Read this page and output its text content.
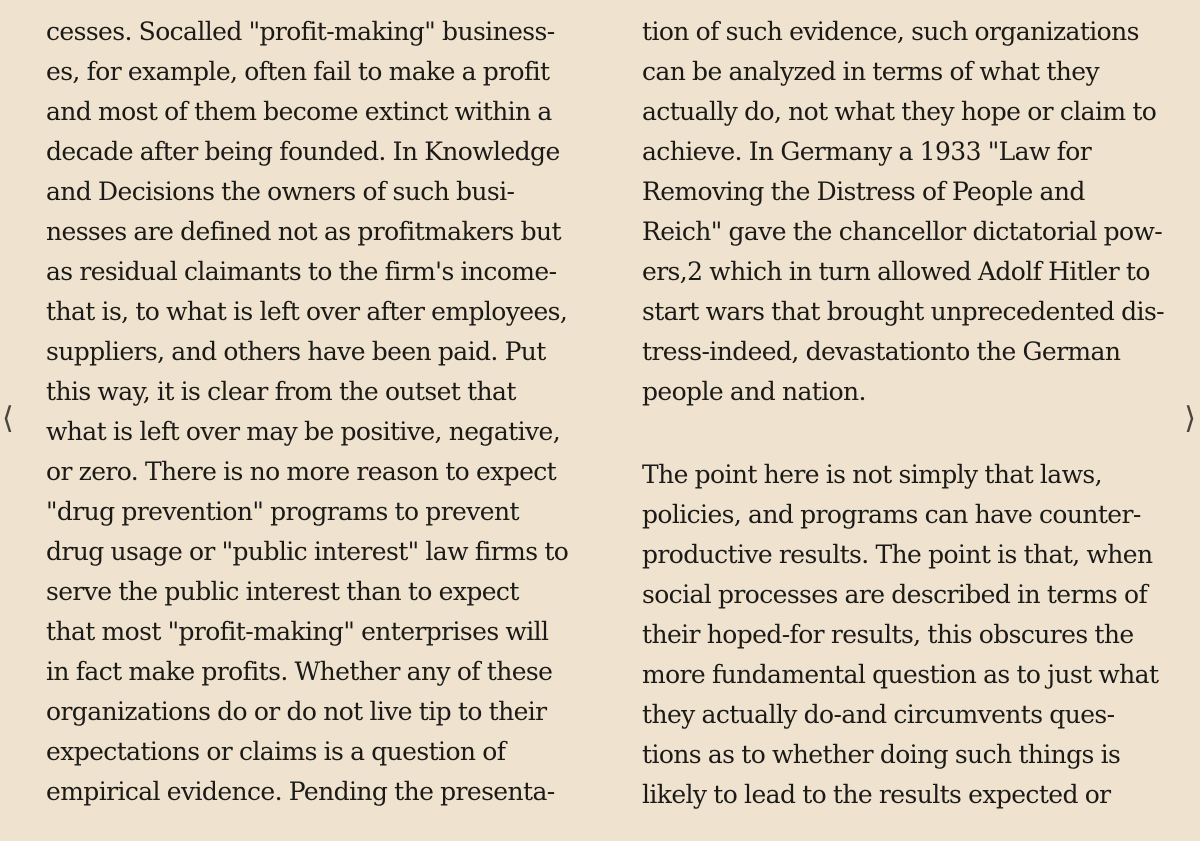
⟨	⟩
cesses. Socalled "profit-making" business-
es, for example, often fail to make a profit
and most of them become extinct within a
decade after being founded. In Knowledge
and Decisions the owners of such busi-
nesses are defined not as profitmakers but
as residual claimants to the firm's income-
that is, to what is left over after employees,
suppliers, and others have been paid. Put
this way, it is clear from the outset that
what is left over may be positive, negative,
or zero. There is no more reason to expect
"drug prevention" programs to prevent
drug usage or "public interest" law firms to
serve the public interest than to expect
that most "profit-making" enterprises will
in fact make profits. Whether any of these
organizations do or do not live tip to their
expectations or claims is a question of
empirical evidence. Pending the presenta-
tion of such evidence, such organizations
can be analyzed in terms of what they
actually do, not what they hope or claim to
achieve. In Germany a 1933 "Law for
Removing the Distress of People and
Reich" gave the chancellor dictatorial pow-
ers,2 which in turn allowed Adolf Hitler to
start wars that brought unprecedented dis-
tress-indeed, devastationto the German
people and nation.
The point here is not simply that laws,
policies, and programs can have counter-
productive results. The point is that, when
social processes are described in terms of
their hoped-for results, this obscures the
more fundamental question as to just what
they actually do-and circumvents ques-
tions as to whether doing such things is
likely to lead to the results expected or
